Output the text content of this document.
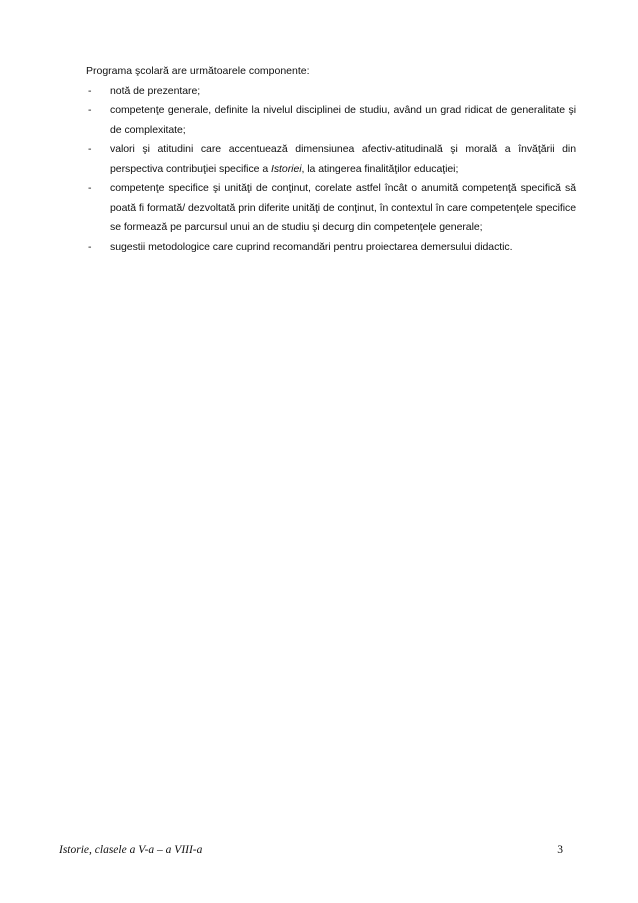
Programa şcolară are următoarele componente:

- notă de prezentare;
- competenţe generale, definite la nivelul disciplinei de studiu, având un grad ridicat de generalitate şi de complexitate;
- valori şi atitudini care accentuează dimensiunea afectiv-atitudinală şi morală a învăţării din perspectiva contribuţiei specifice a Istoriei, la atingerea finalităţilor educaţiei;
- competenţe specifice şi unităţi de conţinut, corelate astfel încât o anumită competenţă specifică să poată fi formată/ dezvoltată prin diferite unităţi de conţinut, în contextul în care competenţele specifice se formează pe parcursul unui an de studiu şi decurg din competenţele generale;
- sugestii metodologice care cuprind recomandări pentru proiectarea demersului didactic.
Istorie, clasele a V-a – a VIII-a	3
